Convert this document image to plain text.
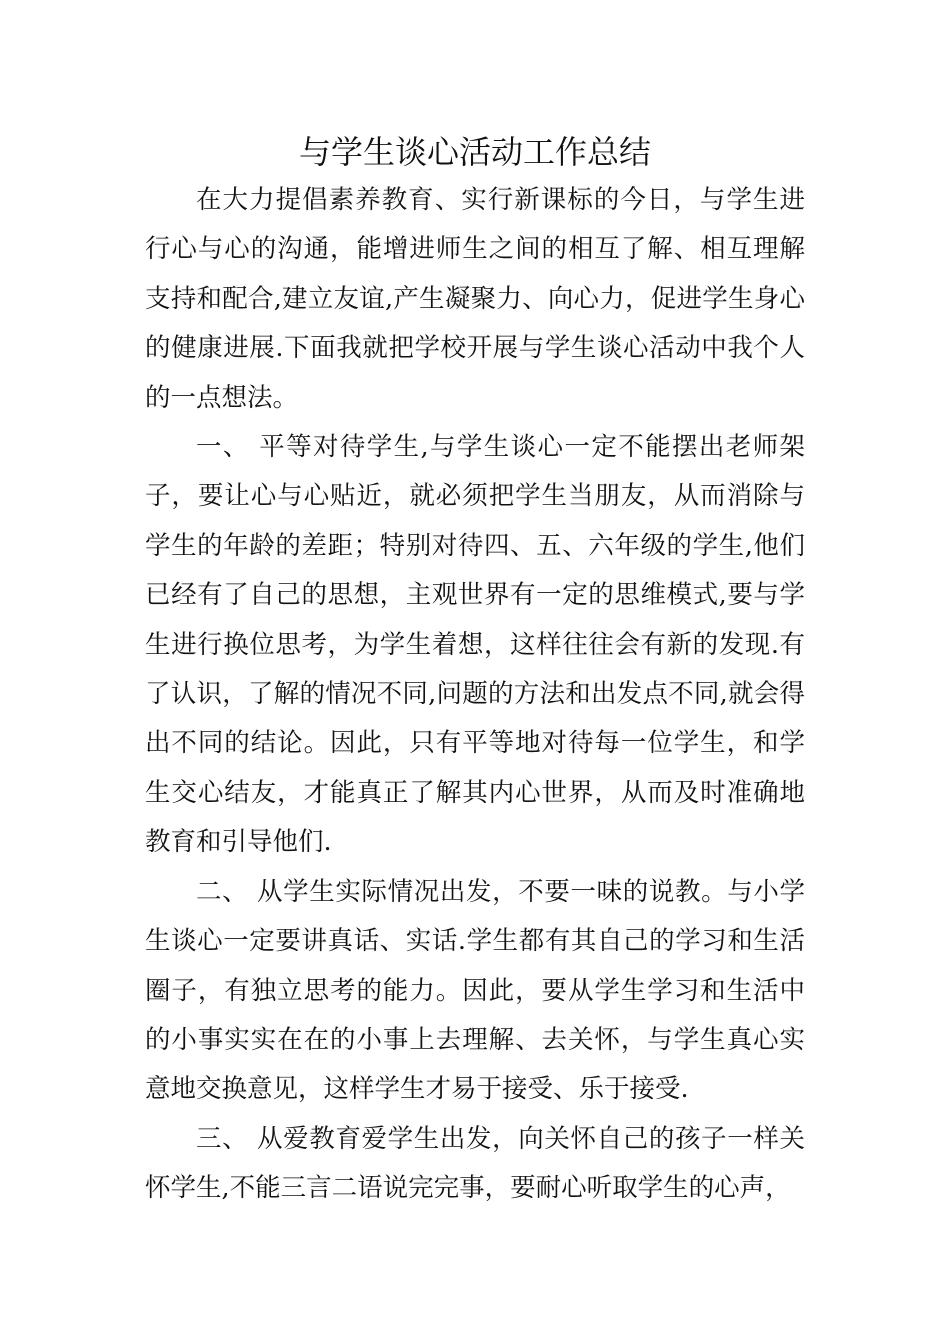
与学生谈心活动工作总结

在大力提倡素养教育、实行新课标的今日，与学生进行心与心的沟通，能增进师生之间的相互了解、相互理解支持和配合,建立友谊,产生凝聚力、向心力，促进学生身心的健康进展.下面我就把学校开展与学生谈心活动中我个人的一点想法。

一、 平等对待学生,与学生谈心一定不能摆出老师架子，要让心与心贴近，就必须把学生当朋友，从而消除与学生的年龄的差距；特别对待四、五、六年级的学生,他们已经有了自己的思想，主观世界有一定的思维模式,要与学生进行换位思考，为学生着想，这样往往会有新的发现.有了认识，了解的情况不同,问题的方法和出发点不同,就会得出不同的结论。因此，只有平等地对待每一位学生，和学生交心结友，才能真正了解其内心世界，从而及时准确地教育和引导他们.

二、 从学生实际情况出发，不要一味的说教。与小学生谈心一定要讲真话、实话.学生都有其自己的学习和生活圈子，有独立思考的能力。因此，要从学生学习和生活中的小事实实在在的小事上去理解、去关怀，与学生真心实意地交换意见，这样学生才易于接受、乐于接受.

三、 从爱教育爱学生出发，向关怀自己的孩子一样关怀学生,不能三言二语说完完事，要耐心听取学生的心声，
